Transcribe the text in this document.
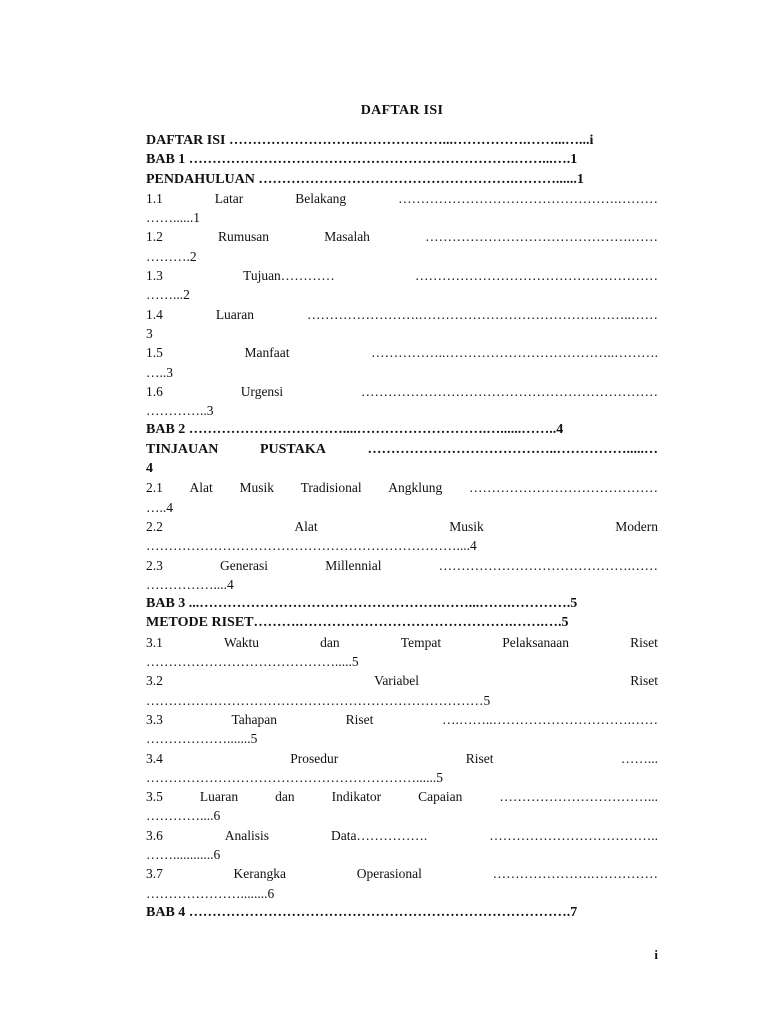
DAFTAR ISI
DAFTAR ISI ……………………….………………...…………….……...…...i
BAB 1 …………………………………………………………….……...….1
PENDAHULUAN ……………………………………………….………......1
1.1	Latar	Belakang	………………………………………….………
……......1
1.2	Rumusan	Masalah	……………………………………….……
……….2
1.3	Tujuan…………	………………………………………………
……...2
1.4	Luaran	…………………….………………………………….……..……
3
1.5	Manfaat	……………..………………………………..……….
…..3
1.6	Urgensi	…………………………………………………………
…………..3
BAB 2 ……………………………....……………………….…......……..4
TINJAUAN	PUSTAKA	…………………………………..…………….....…
4
2.1 Alat Musik Tradisional Angklung ……………………………………
…..4
2.2	Alat	Musik	Modern
……………………………………………………………....4
2.3	Generasi	Millennial	…………………………………….……
……………....4
BAB 3 ...…………………………………………….……...…….………….5
METODE RISET……….……………………………………….…….….5
3.1	Waktu	dan	Tempat	Pelaksanaan	Riset
…………………………………….....5
3.2	Variabel	Riset
…………………………………………………………………5
3.3	Tahapan	Riset	….……..………………………….……
……………….......5
3.4	Prosedur	Riset	……...
……………………………………………………......5
3.5	Luaran	dan	Indikator	Capaian	……………………………...
…………....6
3.6	Analisis	Data…………….	………………………………..
……............6
3.7	Kerangka	Operasional	………………….……………
…………………........6
BAB 4 ……………………………………………………………………….7
i
